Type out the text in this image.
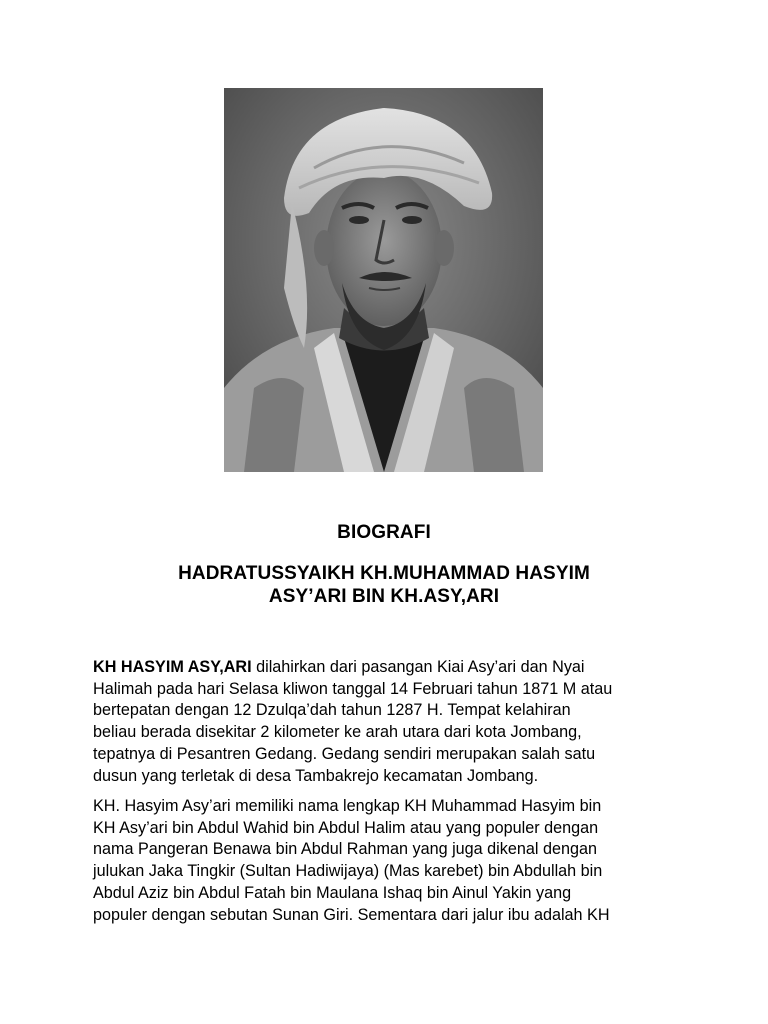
BIOGRAFI
HADRATUSSYAIKH KH.MUHAMMAD HASYIM
ASY’ARI BIN KH.ASY,ARI
KH HASYIM ASY,ARI dilahirkan dari pasangan Kiai Asy’ari dan Nyai
Halimah pada hari Selasa kliwon tanggal 14 Februari tahun 1871 M atau
bertepatan dengan 12 Dzulqa’dah tahun 1287 H. Tempat kelahiran
beliau berada disekitar 2 kilometer ke arah utara dari kota Jombang,
tepatnya di Pesantren Gedang. Gedang sendiri merupakan salah satu
dusun yang terletak di desa Tambakrejo kecamatan Jombang.
KH. Hasyim Asy’ari memiliki nama lengkap KH Muhammad Hasyim bin
KH Asy’ari bin Abdul Wahid bin Abdul Halim atau yang populer dengan
nama Pangeran Benawa bin Abdul Rahman yang juga dikenal dengan
julukan Jaka Tingkir (Sultan Hadiwijaya) (Mas karebet) bin Abdullah bin
Abdul Aziz bin Abdul Fatah bin Maulana Ishaq bin Ainul Yakin yang
populer dengan sebutan Sunan Giri. Sementara dari jalur ibu adalah KH
